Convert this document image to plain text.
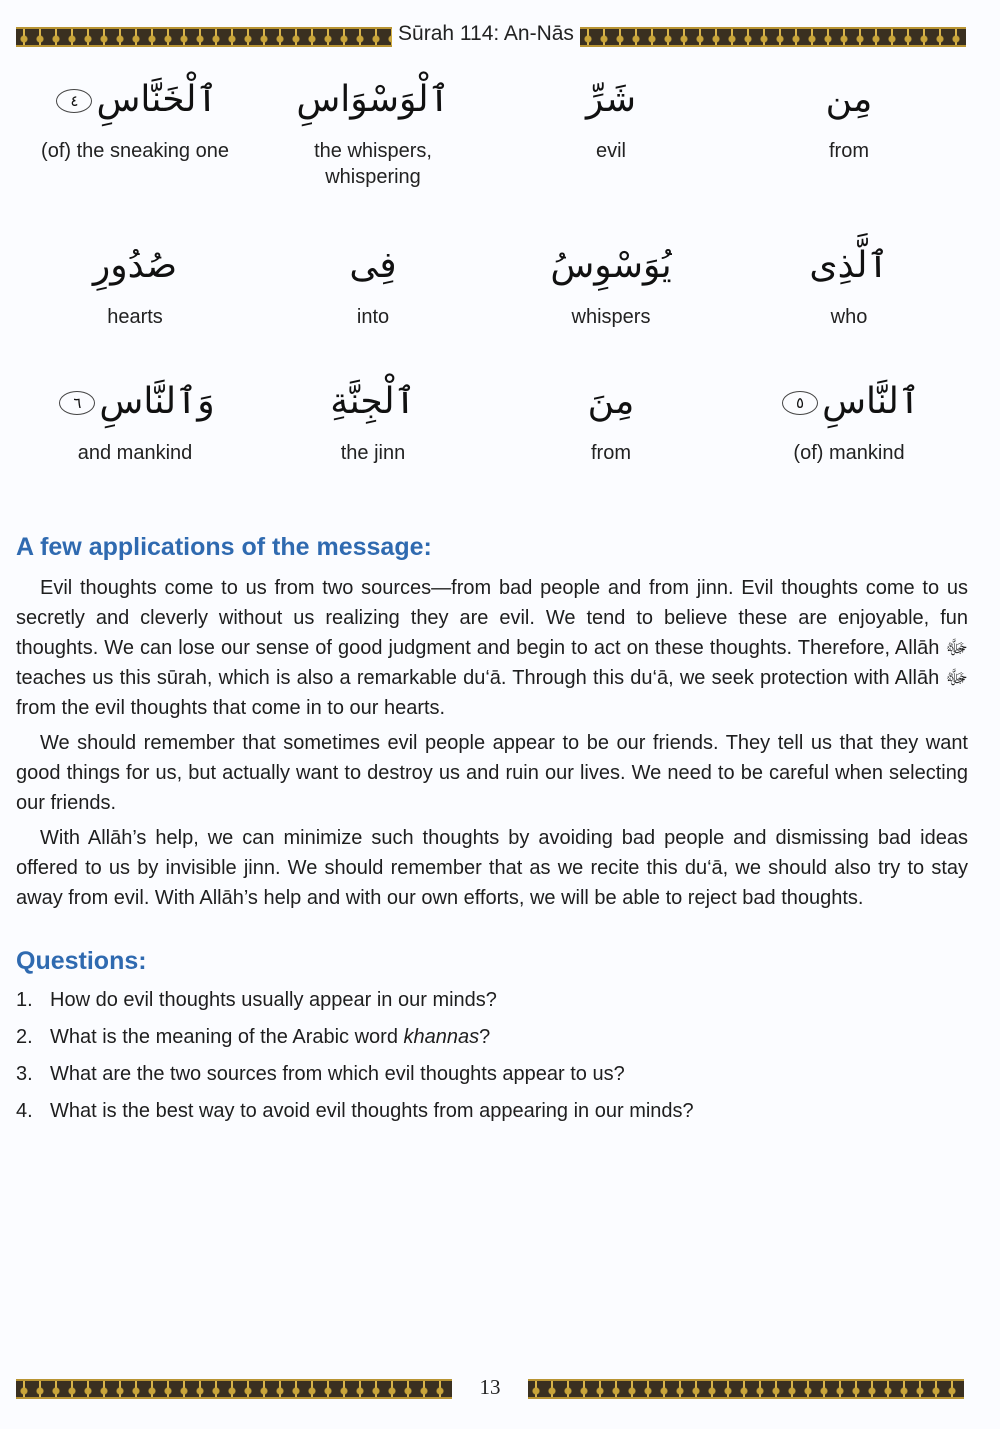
Sūrah 114: An-Nās
ٱلْخَنَّاسِ٤
(of) the sneaking one
ٱلْوَسْوَاسِ
the whispers, whispering
شَرِّ
evil
مِن
from
صُدُورِ
hearts
فِى
into
يُوَسْوِسُ
whispers
ٱلَّذِى
who
وَٱلنَّاسِ٦
and mankind
ٱلْجِنَّةِ
the jinn
مِنَ
from
ٱلنَّاسِ٥
(of) mankind
A few applications of the message:

Evil thoughts come to us from two sources—from bad people and from jinn. Evil thoughts come to us secretly and cleverly without us realizing they are evil. We tend to believe these are enjoyable, fun thoughts. We can lose our sense of good judgment and begin to act on these thoughts. Therefore, Allāh ﷻ teaches us this sūrah, which is also a remarkable du‘ā. Through this du‘ā, we seek protection with Allāh ﷻ from the evil thoughts that come in to our hearts.

We should remember that sometimes evil people appear to be our friends. They tell us that they want good things for us, but actually want to destroy us and ruin our lives. We need to be careful when selecting our friends.

With Allāh’s help, we can minimize such thoughts by avoiding bad people and dismissing bad ideas offered to us by invisible jinn. We should remember that as we recite this du‘ā, we should also try to stay away from evil. With Allāh’s help and with our own efforts, we will be able to reject bad thoughts.

Questions:
1. How do evil thoughts usually appear in our minds?
2. What is the meaning of the Arabic word khannas?
3. What are the two sources from which evil thoughts appear to us?
4. What is the best way to avoid evil thoughts from appearing in our minds?
13
